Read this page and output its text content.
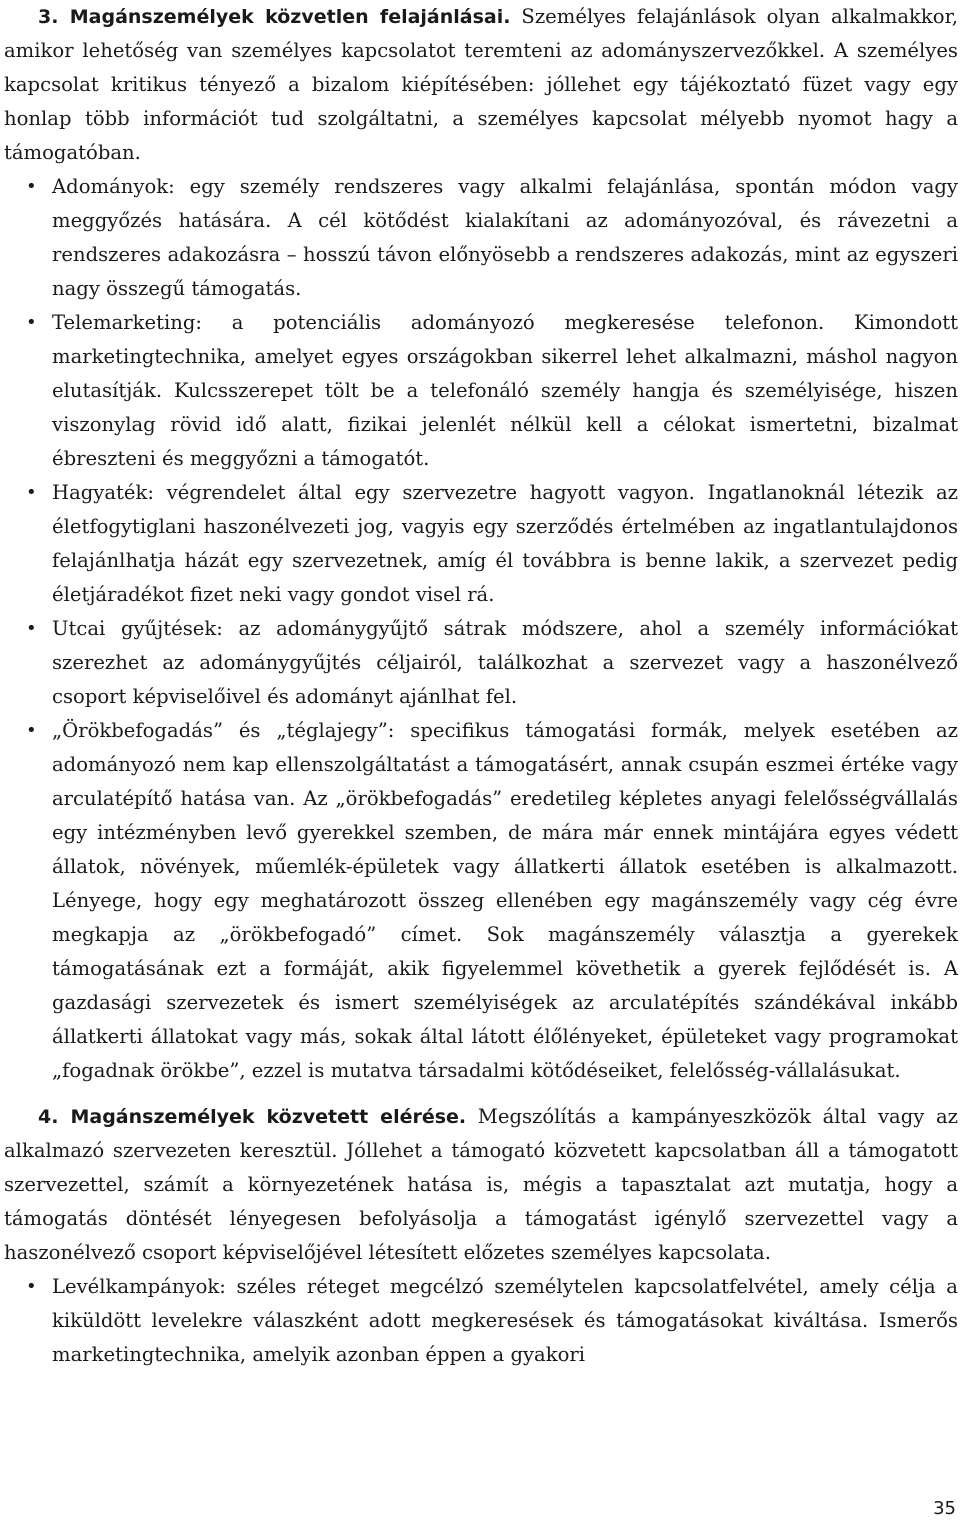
3. Magánszemélyek közvetlen felajánlásai. Személyes felajánlások olyan alkalmakkor, amikor lehetőség van személyes kapcsolatot teremteni az adományszervezőkkel. A személyes kapcsolat kritikus tényező a bizalom kiépítésében: jóllehet egy tájékoztató füzet vagy egy honlap több információt tud szolgáltatni, a személyes kapcsolat mélyebb nyomot hagy a támogatóban.

• Adományok: egy személy rendszeres vagy alkalmi felajánlása, spontán módon vagy meggyőzés hatására. A cél kötődést kialakítani az adományozóval, és rávezetni a rendszeres adakozásra – hosszú távon előnyösebb a rendszeres adakozás, mint az egyszeri nagy összegű támogatás.
• Telemarketing: a potenciális adományozó megkeresése telefonon. Kimondott marketingtechnika, amelyet egyes országokban sikerrel lehet alkalmazni, máshol nagyon elutasítják. Kulcsszerepet tölt be a telefonáló személy hangja és személyisége, hiszen viszonylag rövid idő alatt, fizikai jelenlét nélkül kell a célokat ismertetni, bizalmat ébreszteni és meggyőzni a támogatót.
• Hagyaték: végrendelet által egy szervezetre hagyott vagyon. Ingatlanoknál létezik az életfogytiglani haszonélvezeti jog, vagyis egy szerződés értelmében az ingatlantulajdonos felajánlhatja házát egy szervezetnek, amíg él továbbra is benne lakik, a szervezet pedig életjáradékot fizet neki vagy gondot visel rá.
• Utcai gyűjtések: az adománygyűjtő sátrak módszere, ahol a személy információkat szerezhet az adománygyűjtés céljairól, találkozhat a szervezet vagy a haszonélvező csoport képviselőivel és adományt ajánlhat fel.
• „Örökbefogadás” és „téglajegy”: specifikus támogatási formák, melyek esetében az adományozó nem kap ellenszolgáltatást a támogatásért, annak csupán eszmei értéke vagy arculatépítő hatása van. Az „örökbefogadás” eredetileg képletes anyagi felelősségvállalás egy intézményben levő gyerekkel szemben, de mára már ennek mintájára egyes védett állatok, növények, műemlék-épületek vagy állatkerti állatok esetében is alkalmazott. Lényege, hogy egy meghatározott összeg ellenében egy magánszemély vagy cég évre megkapja az „örökbefogadó” címet. Sok magánszemély választja a gyerekek támogatásának ezt a formáját, akik figyelemmel követhetik a gyerek fejlődését is. A gazdasági szervezetek és ismert személyiségek az arculatépítés szándékával inkább állatkerti állatokat vagy más, sokak által látott élőlényeket, épületeket vagy programokat „fogadnak örökbe”, ezzel is mutatva társadalmi kötődéseiket, felelősség-vállalásukat.

4. Magánszemélyek közvetett elérése. Megszólítás a kampányeszközök által vagy az alkalmazó szervezeten keresztül. Jóllehet a támogató közvetett kapcsolatban áll a támogatott szervezettel, számít a környezetének hatása is, mégis a tapasztalat azt mutatja, hogy a támogatás döntését lényegesen befolyásolja a támogatást igénylő szervezettel vagy a haszonélvező csoport képviselőjével létesített előzetes személyes kapcsolata.

• Levélkampányok: széles réteget megcélzó személytelen kapcsolatfelvétel, amely célja a kiküldött levelekre válaszként adott megkeresések és támogatásokat kiváltása. Ismerős marketingtechnika, amelyik azonban éppen a gyakori
35
